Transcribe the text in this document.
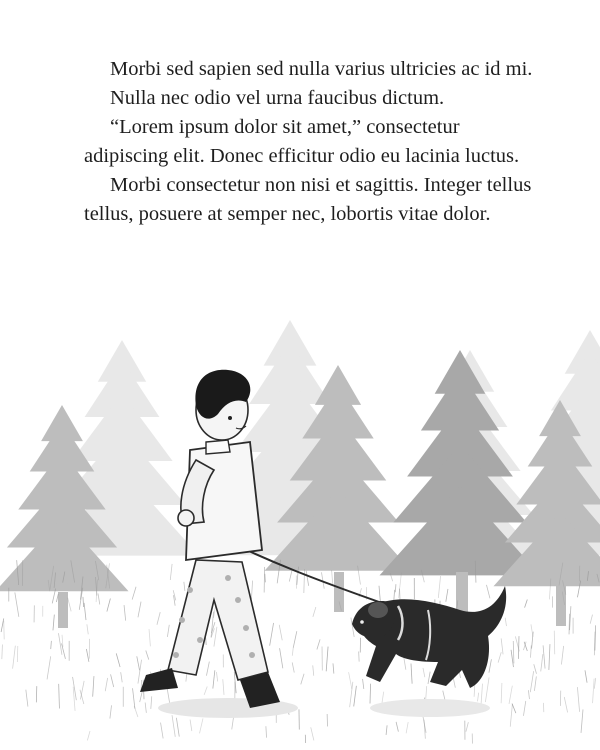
Morbi sed sapien sed nulla varius ultricies ac id mi.

Nulla nec odio vel urna faucibus dictum.

“Lorem ipsum dolor sit amet,” consectetur adipiscing elit. Donec efficitur odio eu lacinia luctus.

Morbi consectetur non nisi et sagittis. Integer tellus tellus, posuere at semper nec, lobortis vitae dolor.
